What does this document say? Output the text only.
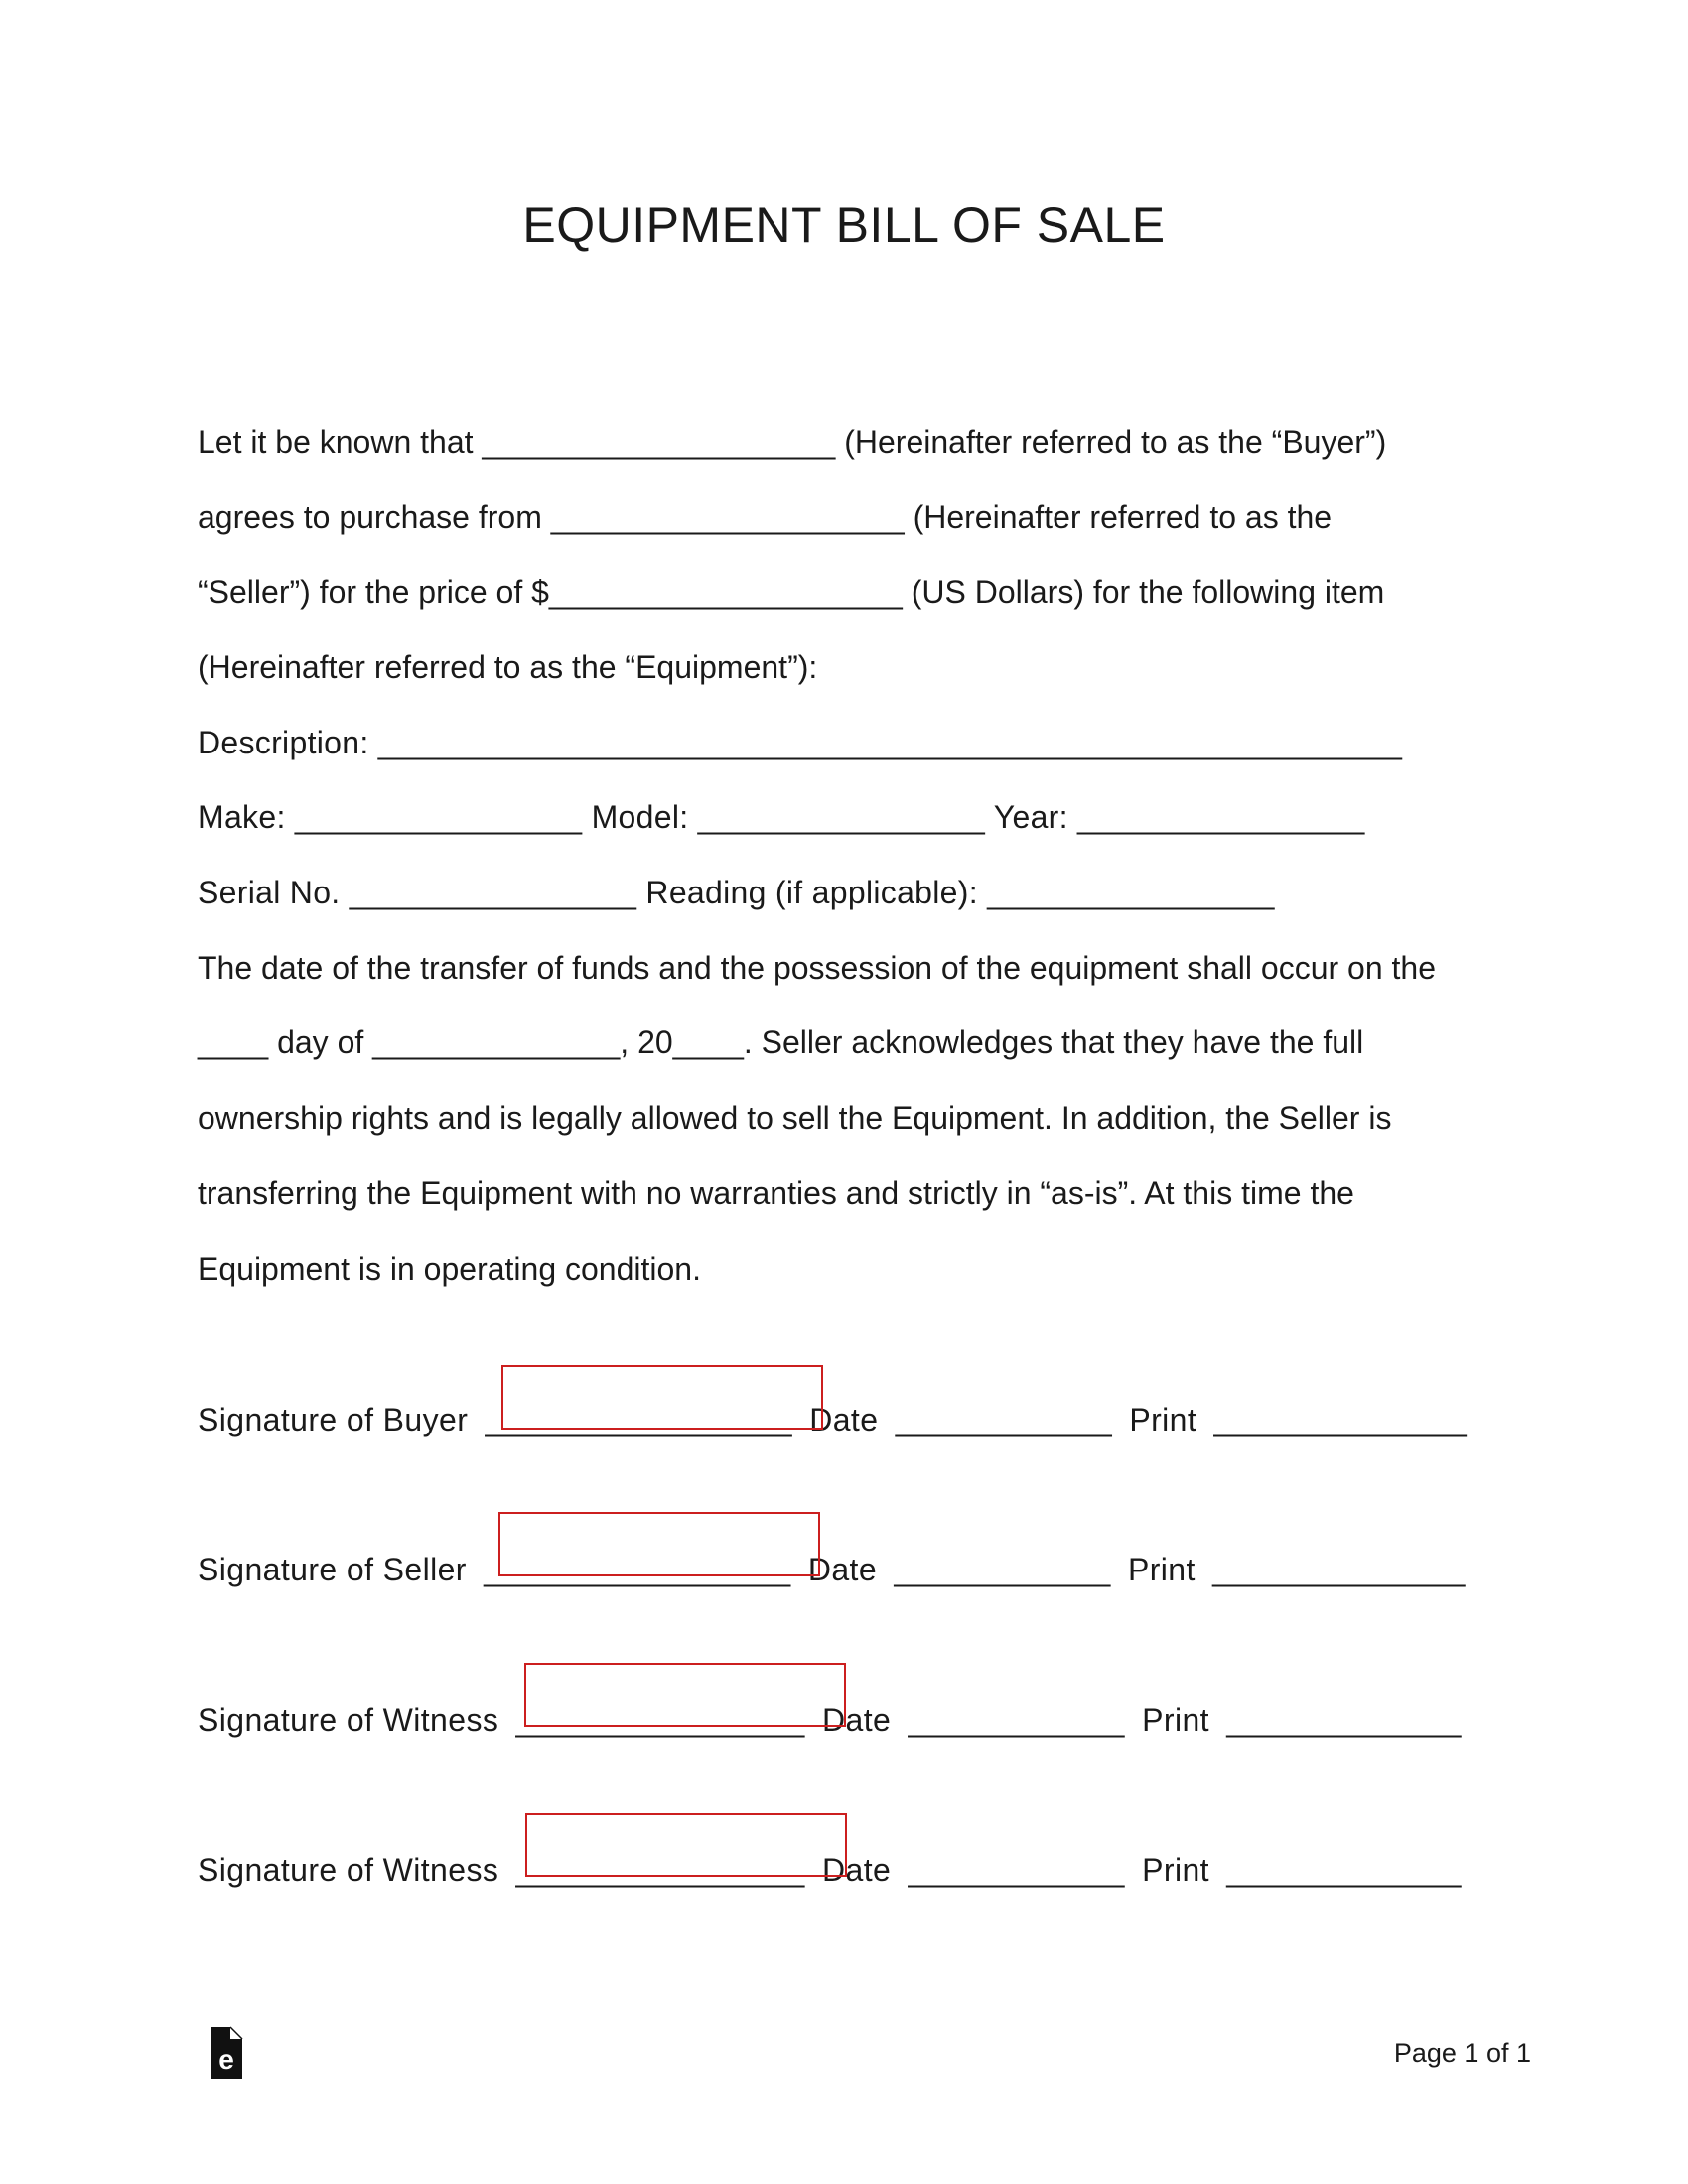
EQUIPMENT BILL OF SALE
Let it be known that ____________________ (Hereinafter referred to as the “Buyer”)
agrees to purchase from ____________________ (Hereinafter referred to as the
“Seller”) for the price of $____________________ (US Dollars) for the following item
(Hereinafter referred to as the “Equipment”):
Description: _________________________________________________________
Make: ________________ Model: ________________ Year: ________________
Serial No. ________________ Reading (if applicable): ________________
The date of the transfer of funds and the possession of the equipment shall occur on the
____ day of ______________, 20____. Seller acknowledges that they have the full
ownership rights and is legally allowed to sell the Equipment. In addition, the Seller is
transferring the Equipment with no warranties and strictly in “as-is”. At this time the
Equipment is in operating condition.
Signature of Buyer _________________ Date ____________ Print ______________
Signature of Seller _________________ Date ____________ Print ______________
Signature of Witness ________________ Date ____________ Print _____________
Signature of Witness ________________ Date ____________ Print _____________
e	Page 1 of 1
